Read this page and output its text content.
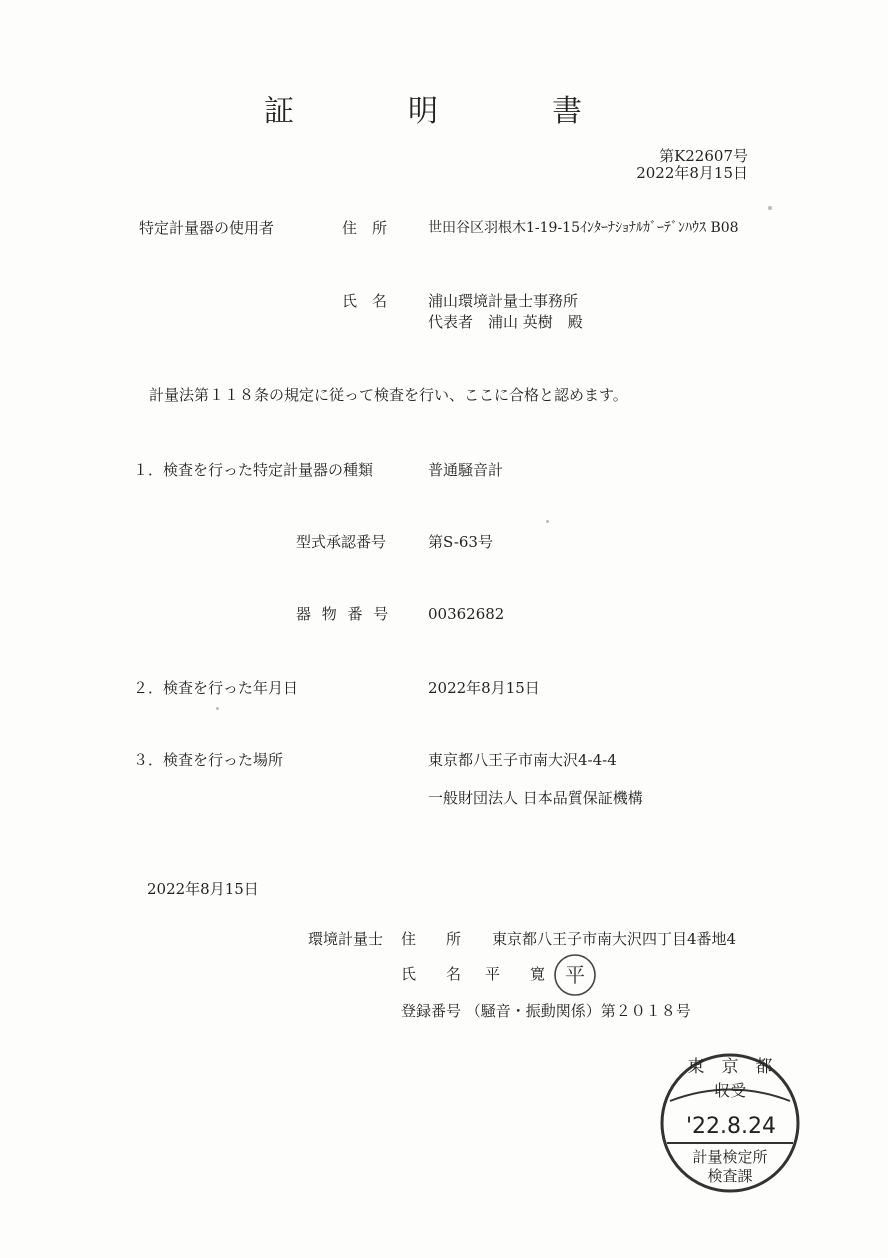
証　明　書
第K22607号
2022年8月15日
特定計量器の使用者	住　所	世田谷区羽根木1-19-15ｲﾝﾀｰﾅｼｮﾅﾙｶﾞｰﾃﾞﾝﾊｳｽ B08
氏　名	浦山環境計量士事務所
代表者　浦山 英樹　殿
計量法第１１８条の規定に従って検査を行い、ここに合格と認めます。
１．検査を行った特定計量器の種類	普通騒音計
型式承認番号	第S-63号
器 物 番 号 00362682
２．検査を行った年月日	2022年8月15日
３．検査を行った場所	東京都八王子市南大沢4-4-4
一般財団法人 日本品質保証機構
2022年8月15日
環境計量士 住　　所 東京都八王子市南大沢四丁目4番地4
氏　　名 平　　寛 平
登録番号 （騒音・振動関係）第２０１８号
東　京　都
収受
'22.8.24
計量検定所
検査課
